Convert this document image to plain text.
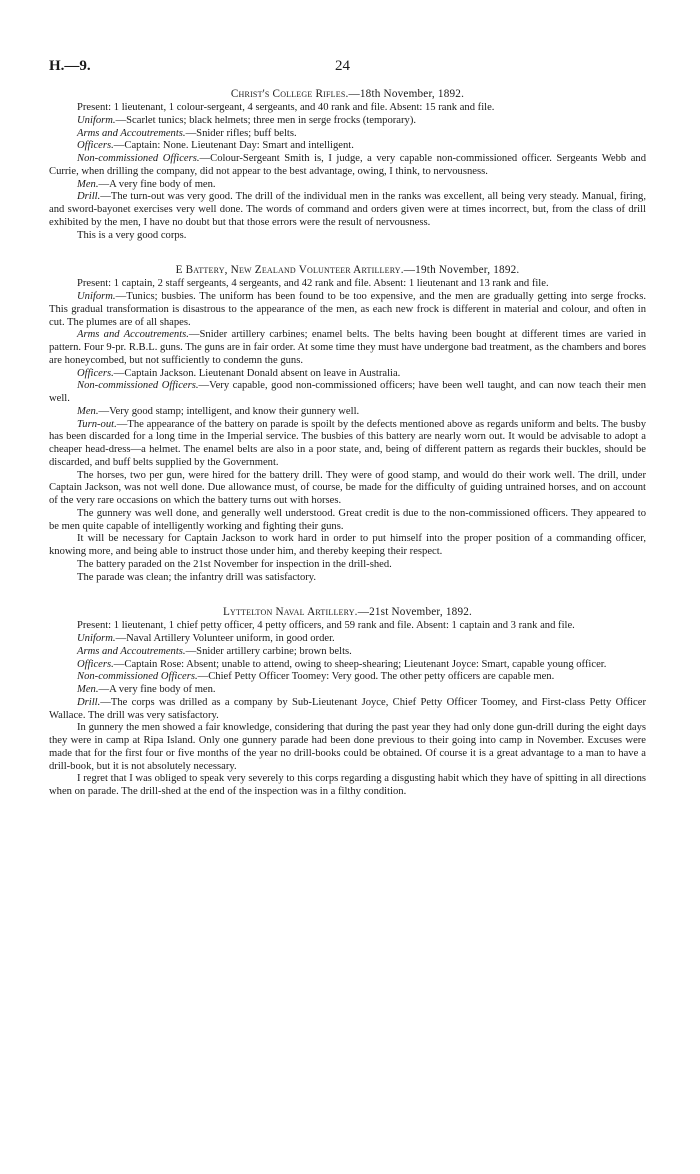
H.—9.	24
Christ's College Rifles.—18th November, 1892.

Present: 1 lieutenant, 1 colour-sergeant, 4 sergeants, and 40 rank and file. Absent: 15 rank and file.

Uniform.—Scarlet tunics; black helmets; three men in serge frocks (temporary).

Arms and Accoutrements.—Snider rifles; buff belts.

Officers.—Captain: None. Lieutenant Day: Smart and intelligent.

Non-commissioned Officers.—Colour-Sergeant Smith is, I judge, a very capable non-commissioned officer. Sergeants Webb and Currie, when drilling the company, did not appear to the best advantage, owing, I think, to nervousness.

Men.—A very fine body of men.

Drill.—The turn-out was very good. The drill of the individual men in the ranks was excellent, all being very steady. Manual, firing, and sword-bayonet exercises very well done. The words of command and orders given were at times incorrect, but, from the class of drill exhibited by the men, I have no doubt but that those errors were the result of nervousness.

This is a very good corps.

E Battery, New Zealand Volunteer Artillery.—19th November, 1892.

Present: 1 captain, 2 staff sergeants, 4 sergeants, and 42 rank and file. Absent: 1 lieutenant and 13 rank and file.

Uniform.—Tunics; busbies. The uniform has been found to be too expensive, and the men are gradually getting into serge frocks. This gradual transformation is disastrous to the appearance of the men, as each new frock is different in material and colour, and often in cut. The plumes are of all shapes.

Arms and Accoutrements.—Snider artillery carbines; enamel belts. The belts having been bought at different times are varied in pattern. Four 9-pr. R.B.L. guns. The guns are in fair order. At some time they must have undergone bad treatment, as the chambers and bores are honeycombed, but not sufficiently to condemn the guns.

Officers.—Captain Jackson. Lieutenant Donald absent on leave in Australia.

Non-commissioned Officers.—Very capable, good non-commissioned officers; have been well taught, and can now teach their men well.

Men.—Very good stamp; intelligent, and know their gunnery well.

Turn-out.—The appearance of the battery on parade is spoilt by the defects mentioned above as regards uniform and belts. The busby has been discarded for a long time in the Imperial service. The busbies of this battery are nearly worn out. It would be advisable to adopt a cheaper head-dress—a helmet. The enamel belts are also in a poor state, and, being of different pattern as regards their buckles, should be discarded, and buff belts supplied by the Government.

The horses, two per gun, were hired for the battery drill. They were of good stamp, and would do their work well. The drill, under Captain Jackson, was not well done. Due allowance must, of course, be made for the difficulty of guiding untrained horses, and on account of the very rare occasions on which the battery turns out with horses.

The gunnery was well done, and generally well understood. Great credit is due to the non-commissioned officers. They appeared to be men quite capable of intelligently working and fighting their guns.

It will be necessary for Captain Jackson to work hard in order to put himself into the proper position of a commanding officer, knowing more, and being able to instruct those under him, and thereby keeping their respect.

The battery paraded on the 21st November for inspection in the drill-shed.

The parade was clean; the infantry drill was satisfactory.

Lyttelton Naval Artillery.—21st November, 1892.

Present: 1 lieutenant, 1 chief petty officer, 4 petty officers, and 59 rank and file. Absent: 1 captain and 3 rank and file.

Uniform.—Naval Artillery Volunteer uniform, in good order.

Arms and Accoutrements.—Snider artillery carbine; brown belts.

Officers.—Captain Rose: Absent; unable to attend, owing to sheep-shearing; Lieutenant Joyce: Smart, capable young officer.

Non-commissioned Officers.—Chief Petty Officer Toomey: Very good. The other petty officers are capable men.

Men.—A very fine body of men.

Drill.—The corps was drilled as a company by Sub-Lieutenant Joyce, Chief Petty Officer Toomey, and First-class Petty Officer Wallace. The drill was very satisfactory.

In gunnery the men showed a fair knowledge, considering that during the past year they had only done gun-drill during the eight days they were in camp at Ripa Island. Only one gunnery parade had been done previous to their going into camp in November. Excuses were made that for the first four or five months of the year no drill-books could be obtained. Of course it is a great advantage to a man to have a drill-book, but it is not absolutely necessary.

I regret that I was obliged to speak very severely to this corps regarding a disgusting habit which they have of spitting in all directions when on parade. The drill-shed at the end of the inspection was in a filthy condition.
